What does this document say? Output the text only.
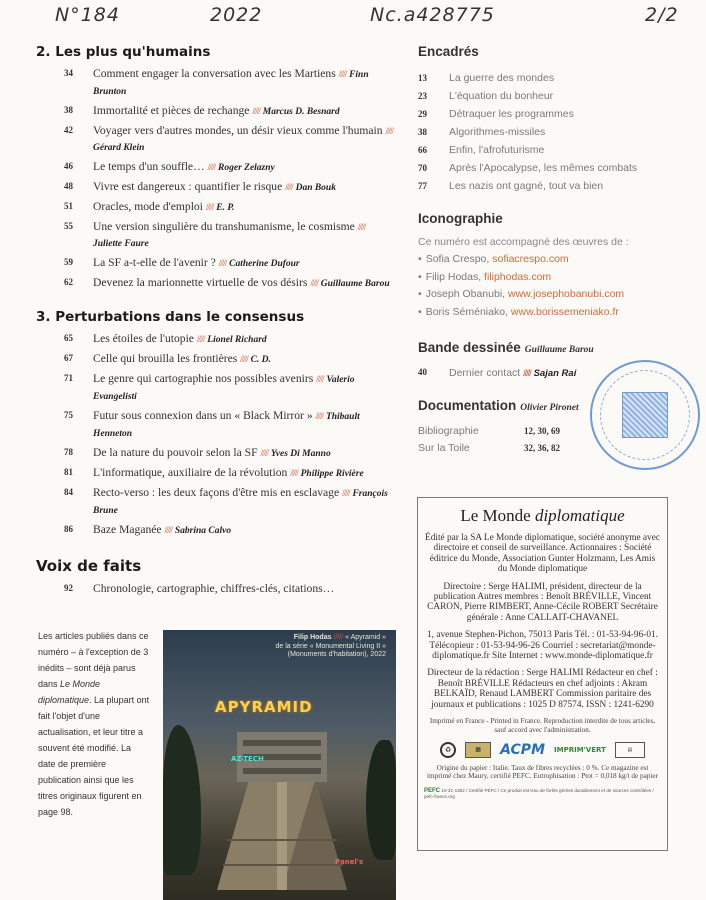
N°184	2022	Nc.a428775	2/2
2. Les plus qu'humains
34 Comment engager la conversation avec les Martiens ///// Finn Brunton
38 Immortalité et pièces de rechange ///// Marcus D. Besnard
42 Voyager vers d'autres mondes, un désir vieux comme l'humain ///// Gérard Klein
46 Le temps d'un souffle… ///// Roger Zelazny
48 Vivre est dangereux : quantifier le risque ///// Dan Bouk
51 Oracles, mode d'emploi ///// E. P.
55 Une version singulière du transhumanisme, le cosmisme ///// Juliette Faure
59 La SF a-t-elle de l'avenir ? ///// Catherine Dufour
62 Devenez la marionnette virtuelle de vos désirs ///// Guillaume Barou
3. Perturbations dans le consensus
65 Les étoiles de l'utopie ///// Lionel Richard
67 Celle qui brouilla les frontières ///// C. D.
71 Le genre qui cartographie nos possibles avenirs ///// Valerio Evangelisti
75 Futur sous connexion dans un « Black Mirror » ///// Thibault Henneton
78 De la nature du pouvoir selon la SF ///// Yves Di Manno
81 L'informatique, auxiliaire de la révolution ///// Philippe Rivière
84 Recto-verso : les deux façons d'être mis en esclavage ///// François Brune
86 Baze Maganée ///// Sabrina Calvo
Voix de faits
92 Chronologie, cartographie, chiffres-clés, citations…
Les articles publiés dans ce numéro – à l'exception de 3 inédits – sont déjà parus dans Le Monde diplomatique. La plupart ont fait l'objet d'une actualisation, et leur titre a souvent été modifié. La date de première publication ainsi que les titres originaux figurent en page 98.
Filip Hodas ///// « Apyramid »
de la série « Monumental Living II »
(Monuments d'habitation), 2022
APYRAMID
AZ-TECH
Panel's
Encadrés
13 La guerre des mondes
23 L'équation du bonheur
29 Détraquer les programmes
38 Algorithmes-missiles
66 Enfin, l'afrofuturisme
70 Après l'Apocalypse, les mêmes combats
77 Les nazis ont gagné, tout va bien
Iconographie
Ce numéro est accompagné des œuvres de :
• Sofia Crespo, sofiacrespo.com
• Filip Hodas, filiphodas.com
• Joseph Obanubi, www.josephobanubi.com
• Boris Séméniako, www.borissemeniako.fr
Bande dessinée Guillaume Barou
40 Dernier contact ///// Sajan Rai
Documentation Olivier Pironet
Bibliographie	12, 30, 69
Sur la Toile	32, 36, 82
Le Monde diplomatique

Édité par la SA Le Monde diplomatique, société anonyme avec directoire et conseil de surveillance. Actionnaires : Société éditrice du Monde, Association Gunter Holzmann, Les Amis du Monde diplomatique

Directoire : Serge HALIMI, président, directeur de la publication Autres membres : Benoît BRÉVILLE, Vincent CARON, Pierre RIMBERT, Anne-Cécile ROBERT Secrétaire générale : Anne CALLAIT-CHAVANEL

1, avenue Stephen-Pichon, 75013 Paris Tél. : 01-53-94-96-01. Télécopieur : 01-53-94-96-26 Courriel : secretariat@monde-diplomatique.fr Site Internet : www.monde-diplomatique.fr

Directeur de la rédaction : Serge HALIMI Rédacteur en chef : Benoît BRÉVILLE Rédacteurs en chef adjoints : Akram BELKAÏD, Renaud LAMBERT Commission paritaire des journaux et publications : 1025 D 87574. ISSN : 1241-6290

Imprimé en France - Printed in France. Reproduction interdite de tous articles, sauf accord avec l'administration.

♻	▦	ACPM IMPRIM'VERT	▤

Origine du papier : Italie. Taux de fibres recyclées : 0 %. Ce magazine est imprimé chez Maury, certifié PEFC. Eutrophisation : Ptot = 0,018 kg/t de papier

PEFC 10-31-1352 / Certifié PEFC / Ce produit est issu de forêts gérées durablement et de sources contrôlées / pefc-france.org
